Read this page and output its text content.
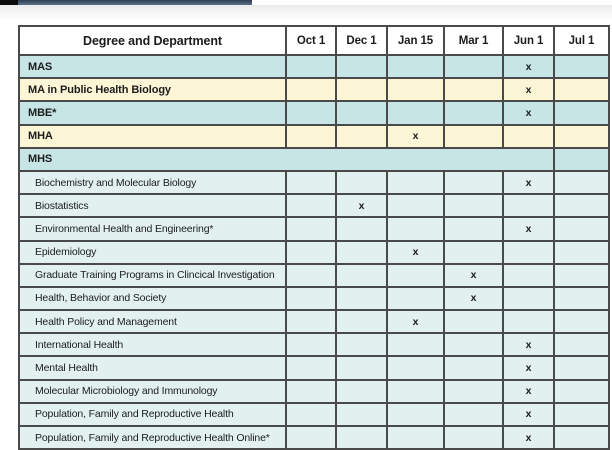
Degree and Department	Oct 1	Dec 1	Jan 15	Mar 1	Jun 1	Jul 1
MAS					x	
MA in Public Health Biology					x	
MBE*					x	
MHA			x			
MHS						
Biochemistry and Molecular Biology					x	
Biostatistics		x				
Environmental Health and Engineering*					x	
Epidemiology			x			
Graduate Training Programs in Clincical Investigation				x		
Health, Behavior and Society				x		
Health Policy and Management			x			
International Health					x	
Mental Health					x	
Molecular Microbiology and Immunology					x	
Population, Family and Reproductive Health					x	
Population, Family and Reproductive Health Online*					x	
